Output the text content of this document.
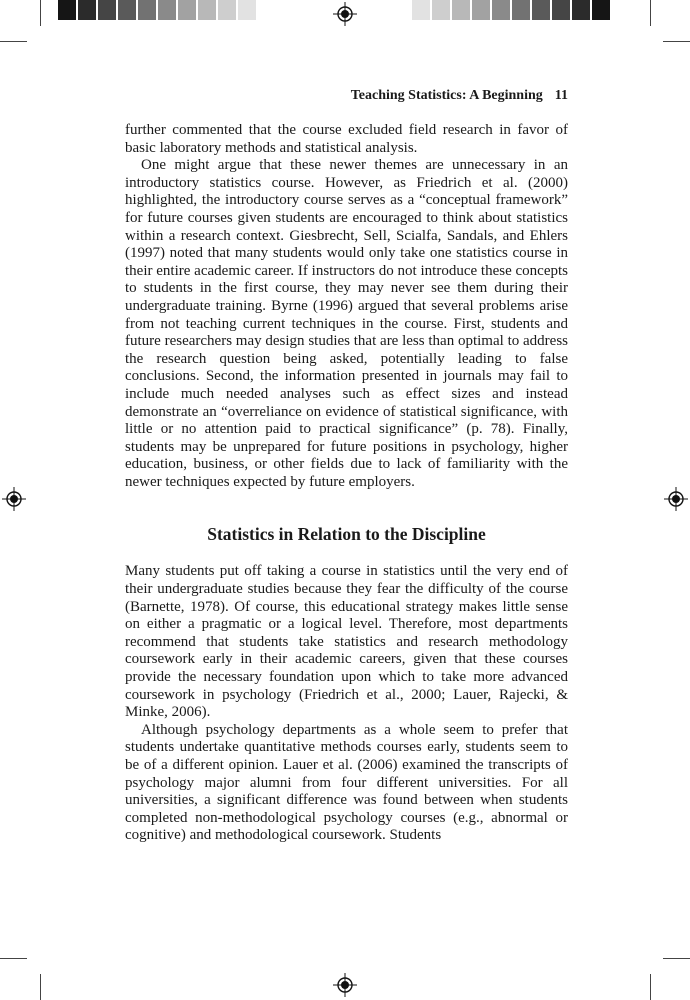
Teaching Statistics: A Beginning 11

further commented that the course excluded field research in favor of basic laboratory methods and statistical analysis.

One might argue that these newer themes are unnecessary in an introductory statistics course. However, as Friedrich et al. (2000) highlighted, the introductory course serves as a “conceptual framework” for future courses given students are encouraged to think about statistics within a research context. Giesbrecht, Sell, Scialfa, Sandals, and Ehlers (1997) noted that many students would only take one statistics course in their entire academic career. If instructors do not introduce these concepts to students in the first course, they may never see them during their undergraduate training. Byrne (1996) argued that several problems arise from not teaching current techniques in the course. First, students and future researchers may design studies that are less than optimal to address the research question being asked, potentially leading to false conclusions. Second, the information presented in journals may fail to include much needed analyses such as effect sizes and instead demonstrate an “overreliance on evidence of statistical significance, with little or no attention paid to practical significance” (p. 78). Finally, students may be unprepared for future positions in psychology, higher education, business, or other fields due to lack of familiarity with the newer techniques expected by future employers.

Statistics in Relation to the Discipline

Many students put off taking a course in statistics until the very end of their undergraduate studies because they fear the difficulty of the course (Barnette, 1978). Of course, this educational strategy makes little sense on either a pragmatic or a logical level. Therefore, most departments recommend that students take statistics and research methodology coursework early in their academic careers, given that these courses provide the necessary foundation upon which to take more advanced coursework in psychology (Friedrich et al., 2000; Lauer, Rajecki, & Minke, 2006).

Although psychology departments as a whole seem to prefer that students undertake quantitative methods courses early, students seem to be of a different opinion. Lauer et al. (2006) examined the transcripts of psychology major alumni from four different universities. For all universities, a significant difference was found between when students completed non-methodological psychology courses (e.g., abnormal or cognitive) and methodological coursework. Students
